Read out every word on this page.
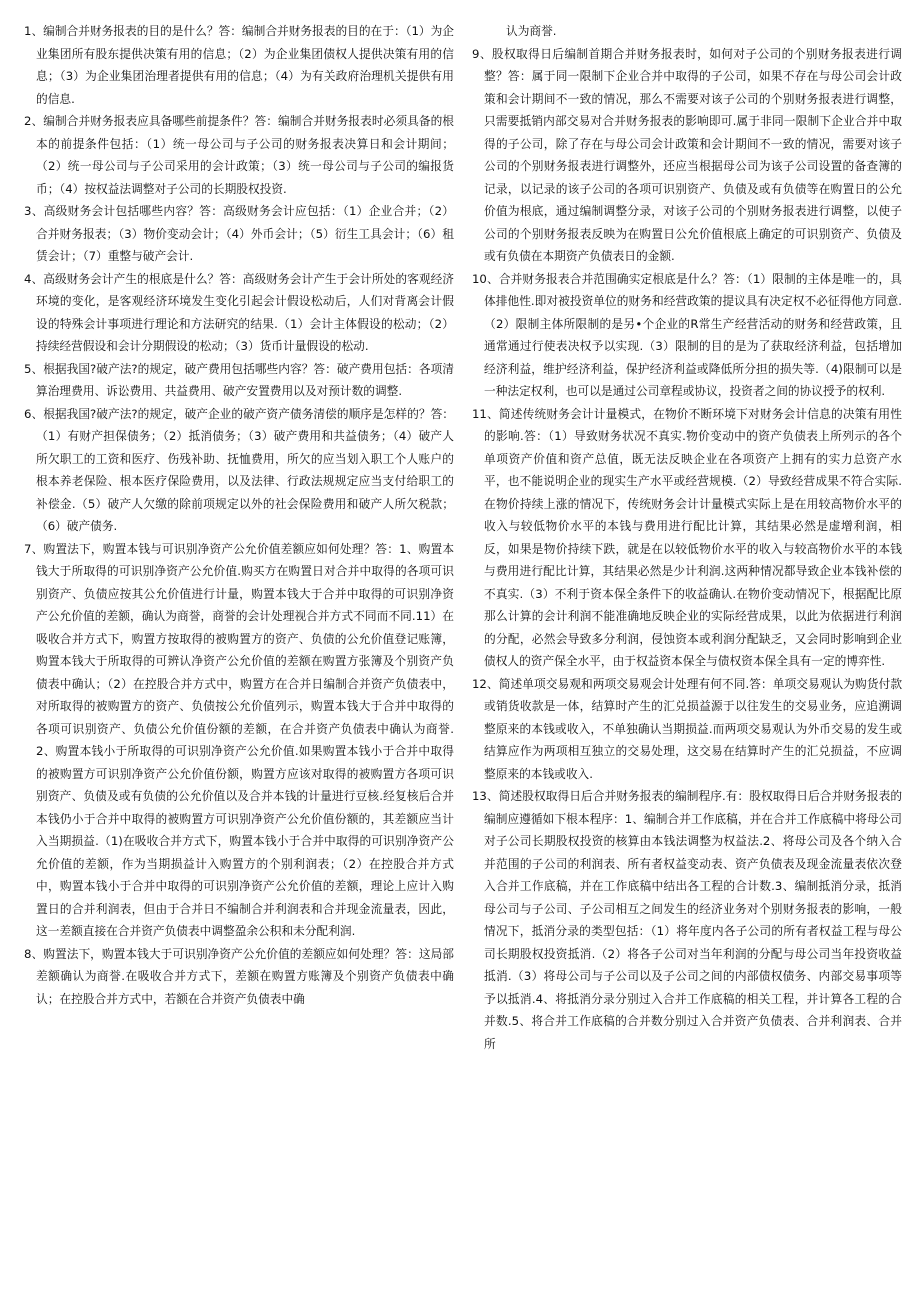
1、编制合并财务报表的目的是什么？答：编制合并财务报表的目的在于：（1）为企业集团所有股东提供决策有用的信息；（2）为企业集团债权人提供决策有用的信息；（3）为企业集团治理者提供有用的信息；（4）为有关政府治理机关提供有用的信息.

2、编制合并财务报表应具备哪些前提条件？答：编制合并财务报表时必须具备的根本的前提条件包括：（1）统一母公司与子公司的财务报表决算日和会计期间；（2）统一母公司与子公司采用的会计政策；（3）统一母公司与子公司的编报货币；（4）按权益法调整对子公司的长期股权投资.

3、高级财务会计包括哪些内容？答：高级财务会计应包括：（1）企业合并；（2）合并财务报表；（3）物价变动会计；（4）外币会计；（5）衍生工具会计；（6）租赁会计；（7）重整与破产会计.

4、高级财务会计产生的根底是什么？答：高级财务会计产生于会计所处的客观经济环境的变化，是客观经济环境发生变化引起会计假设松动后，人们对背离会计假设的特殊会计事项进行理论和方法研究的结果.（1）会计主体假设的松动；（2）持续经营假设和会计分期假设的松动；（3）货币计量假设的松动.

5、根据我国?破产法?的规定，破产费用包括哪些内容？答：破产费用包括：各项清算治理费用、诉讼费用、共益费用、破产安置费用以及对预计数的调整.

6、根据我国?破产法?的规定，破产企业的破产资产债务清偿的顺序是怎样的？答：（1）有财产担保债务；（2）抵消债务；（3）破产费用和共益债务；（4）破产人所欠职工的工资和医疗、伤残补助、抚恤费用，所欠的应当划入职工个人账户的根本养老保险、根本医疗保险费用，以及法律、行政法规规定应当支付给职工的补偿金.（5）破产人欠缴的除前项规定以外的社会保险费用和破产人所欠税款；（6）破产债务.

7、购置法下，购置本钱与可识别净资产公允价值差额应如何处理？答：1、购置本钱大于所取得的可识别净资产公允价值.购买方在购置日对合并中取得的各项可识别资产、负债应按其公允价值进行计量，购置本钱大于合并中取得的可识别净资产公允价值的差额，确认为商誉，商誉的会计处理视合并方式不同而不同.11）在吸收合并方式下，购置方按取得的被购置方的资产、负债的公允价值登记账簿，购置本钱大于所取得的可辨认净资产公允价值的差额在购置方张簿及个别资产负债表中确认；（2）在控股合并方式中，购置方在合并日编制合并资产负债表中，对所取得的被购置方的资产、负债按公允价值列示，购置本钱大于合并中取得的各项可识别资产、负债公允价值份额的差额，在合并资产负债表中确认为商誉.2、购置本钱小于所取得的可识别净资产公允价值.如果购置本钱小于合并中取得的被购置方可识别净资产公允价值份额，购置方应该对取得的被购置方各项可识别资产、负债及或有负债的公允价值以及合并本钱的计量进行豆核.经复核后合并本钱仍小于合并中取得的被购置方可识别净资产公允价值份额的，其差额应当计入当期损益.（1)在吸收合并方式下，购置本钱小于合并中取得的可识别净资产公允价值的差额，作为当期损益计入购置方的个别利润表；（2）在控股合并方式中，购置本钱小于合并中取得的可识别净资产公允价值的差额，理论上应计入购置日的合并利润表，但由于合并日不编制合并利润表和合并现金流量表，因此，这一差额直接在合并资产负债表中调整盈余公积和未分配利润.

8、购置法下，购置本钱大于可识别净资产公允价值的差额应如何处理？答：这局部差额确认为商誉.在吸收合并方式下，差额在购置方账簿及个别资产负债表中确认；在控股合并方式中，若额在合并资产负债表中确

认为商誉.

9、股权取得日后编制首期合并财务报表时，如何对子公司的个别财务报表进行调整？答：属于同一限制下企业合并中取得的子公司，如果不存在与母公司会计政策和会计期间不一致的情况，那么不需要对该子公司的个别财务报表进行调整，只需要抵销内部交易对合并财务报表的影响即可.属于非同一限制下企业合并中取得的子公司，除了存在与母公司会计政策和会计期间不一致的情况，需要对该子公司的个别财务报表进行调整外，还应当根据母公司为该子公司设置的备查簿的记录，以记录的该子公司的各项可识别资产、负债及或有负债等在购置日的公允价值为根底，通过编制调整分录，对该子公司的个别财务报表进行调整，以使子公司的个别财务报表反映为在购置日公允价值根底上确定的可识别资产、负债及或有负债在本期资产负债表日的金额.

10、合并财务报表合并范围确实定根底是什么？答：（1）限制的主体是唯一的，具体排他性.即对被投资单位的财务和经营政策的提议具有决定权不必征得他方同意.（2）限制主体所限制的是另•个企业的R常生产经营活动的财务和经营政策，且通常通过行使表决权予以实现.（3）限制的目的是为了获取经济利益，包括增加经济利益，维护经济利益，保护经济利益或降低所分担的损失等.（4)限制可以是一种法定权利，也可以是通过公司章程或协议，投资者之间的协议授予的权利.

11、简述传统财务会计计量模式，在物价不断环境下对财务会计信息的决策有用性的影响.答：（1）导致财务状况不真实.物价变动中的资产负债表上所列示的各个单项资产价值和资产总值，既无法反映企业在各项资产上拥有的实力总资产水平，也不能说明企业的现实生产水平或经营规模.（2）导致经营成果不符合实际.在物价持续上涨的情况下，传统财务会计计量模式实际上是在用较高物价水平的收入与较低物价水平的本钱与费用进行配比计算，其结果必然是虚增利润，相反，如果是物价持续下跌，就是在以较低物价水平的收入与较高物价水平的本钱与费用进行配比计算，其结果必然是少计利润.这两种情况都导致企业本钱补偿的不真实.（3）不利于资本保全条件下的收益确认.在物价变动情况下，根据配比原那么计算的会计利润不能准确地反映企业的实际经营成果，以此为依据进行利润的分配，必然会导致多分利润，侵蚀资本或利润分配缺乏，又会同时影响到企业债权人的资产保全水平，由于权益资本保全与债权资本保全具有一定的博弈性.

12、简述单项交易观和两项交易观会计处理有何不同.答：单项交易观认为购货付款或销货收款是一体，结算时产生的汇兑损益源于以往发生的交易业务，应追溯调整原来的本钱或收入，不单独确认当期损益.而两项交易观认为外币交易的发生或结算应作为两项相互独立的交易处理，这交易在结算时产生的汇兑损益，不应调整原来的本钱或收入.

13、简述股权取得日后合并财务报表的编制程序.有：股权取得日后合并财务报表的编制应遵循如下根本程序：1、编制合并工作底稿，并在合并工作底稿中将母公司对子公司长期股权投资的核算由本钱法调整为权益法.2、将母公司及各个纳入合并范围的子公司的利润表、所有者权益变动表、资产负债表及现金流量表依次登入合并工作底稿，并在工作底稿中结出各工程的合计数.3、编制抵消分录，抵消母公司与子公司、子公司相互之间发生的经济业务对个别财务报表的影响，一般情况下，抵消分录的类型包括：（1）将年度内各子公司的所有者权益工程与母公司长期股权投资抵消.（2）将各子公司对当年利润的分配与母公司当年投资收益抵消.（3）将母公司与子公司以及子公司之间的内部债权债务、内部交易事项等予以抵消.4、将抵消分录分别过入合并工作底稿的相关工程，并计算各工程的合并数.5、将合并工作底稿的合并数分别过入合并资产负债表、合并利润表、合并所
